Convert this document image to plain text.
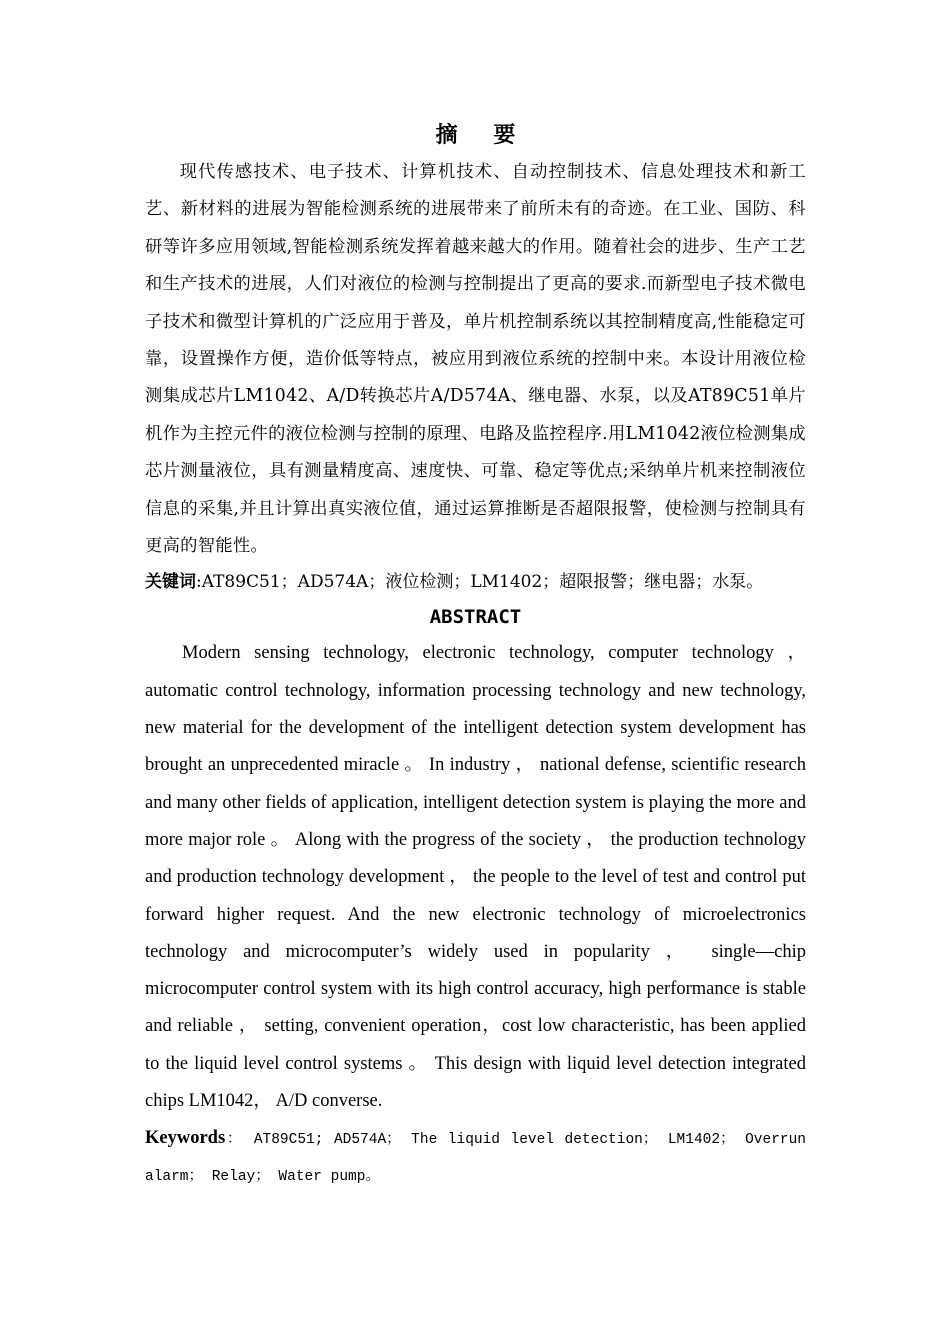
摘 要

现代传感技术、电子技术、计算机技术、自动控制技术、信息处理技术和新工艺、新材料的进展为智能检测系统的进展带来了前所未有的奇迹。在工业、国防、科研等许多应用领域,智能检测系统发挥着越来越大的作用。随着社会的进步、生产工艺和生产技术的进展，人们对液位的检测与控制提出了更高的要求.而新型电子技术微电子技术和微型计算机的广泛应用于普及，单片机控制系统以其控制精度高,性能稳定可靠，设置操作方便，造价低等特点，被应用到液位系统的控制中来。本设计用液位检测集成芯片LM1042、A/D转换芯片A/D574A、继电器、水泵，以及AT89C51单片机作为主控元件的液位检测与控制的原理、电路及监控程序.用LM1042液位检测集成芯片测量液位，具有测量精度高、速度快、可靠、稳定等优点;采纳单片机来控制液位信息的采集,并且计算出真实液位值，通过运算推断是否超限报警，使检测与控制具有更高的智能性。

关键词:AT89C51；AD574A；液位检测；LM1402；超限报警；继电器；水泵。

ABSTRACT

Modern sensing technology, electronic technology, computer technology ，automatic control technology, information processing technology and new technology, new material for the development of the intelligent detection system development has brought an unprecedented miracle 。 In industry ， national defense, scientific research and many other fields of application, intelligent detection system is playing the more and more major role 。 Along with the progress of the society ， the production technology and production technology development ， the people to the level of test and control put forward higher request. And the new electronic technology of microelectronics technology and microcomputer’s widely used in popularity ， single—chip microcomputer control system with its high control accuracy, high performance is stable and reliable ， setting, convenient operation，cost low characteristic, has been applied to the liquid level control systems 。 This design with liquid level detection integrated chips LM1042， A/D converse.

Keywords： AT89C51; AD574A； The liquid level detection； LM1402； Overrun alarm； Relay； Water pump。
